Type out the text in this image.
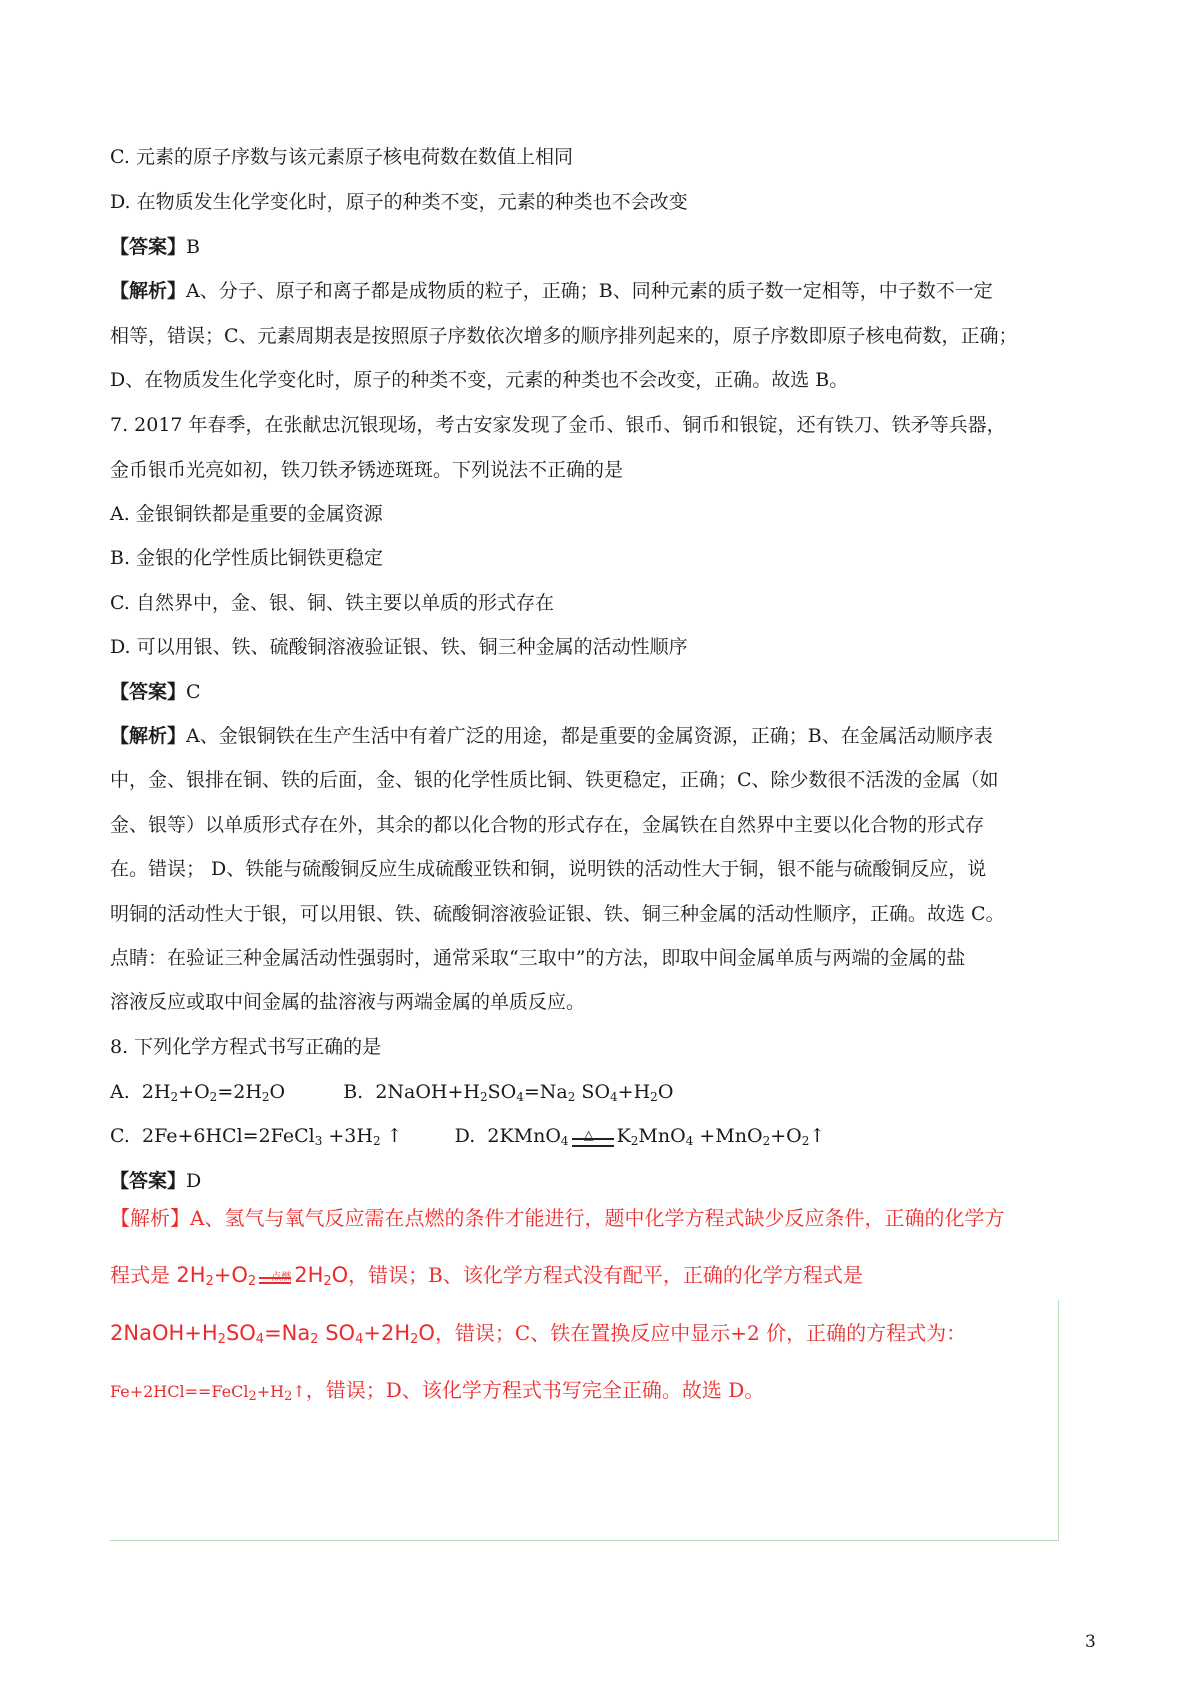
C. 元素的原子序数与该元素原子核电荷数在数值上相同
D. 在物质发生化学变化时，原子的种类不变，元素的种类也不会改变
【答案】B
【解析】A、分子、原子和离子都是成物质的粒子，正确；B、同种元素的质子数一定相等，中子数不一定
相等，错误；C、元素周期表是按照原子序数依次增多的顺序排列起来的，原子序数即原子核电荷数，正确；
D、在物质发生化学变化时，原子的种类不变，元素的种类也不会改变，正确。故选 B。
7. 2017 年春季，在张献忠沉银现场，考古安家发现了金币、银币、铜币和银锭，还有铁刀、铁矛等兵器，
金币银币光亮如初，铁刀铁矛锈迹斑斑。下列说法不正确的是
A. 金银铜铁都是重要的金属资源
B. 金银的化学性质比铜铁更稳定
C. 自然界中，金、银、铜、铁主要以单质的形式存在
D. 可以用银、铁、硫酸铜溶液验证银、铁、铜三种金属的活动性顺序
【答案】C
【解析】A、金银铜铁在生产生活中有着广泛的用途，都是重要的金属资源，正确；B、在金属活动顺序表
中，金、银排在铜、铁的后面，金、银的化学性质比铜、铁更稳定，正确；C、除少数很不活泼的金属（如
金、银等）以单质形式存在外，其余的都以化合物的形式存在，金属铁在自然界中主要以化合物的形式存
在。错误； D、铁能与硫酸铜反应生成硫酸亚铁和铜，说明铁的活动性大于铜，银不能与硫酸铜反应，说
明铜的活动性大于银，可以用银、铁、硫酸铜溶液验证银、铁、铜三种金属的活动性顺序，正确。故选 C。
点睛：在验证三种金属活动性强弱时，通常采取“三取中”的方法，即取中间金属单质与两端的金属的盐
溶液反应或取中间金属的盐溶液与两端金属的单质反应。
8. 下列化学方程式书写正确的是
A. $2H_2+O_2=2H_2O$	B. $2NaOH+H_2SO_4=Na_2$ $SO_4+H_2O$
C. 2Fe+6HCl=2FeCl$_3$ $+3H_2$ ↑	D. 2KMnO$_4$ △ $K_2MnO_4$ $+MnO_2+O_2↑$
【答案】D
【解析】A、氢气与氧气反应需在点燃的条件才能进行，题中化学方程式缺少反应条件，正确的化学方
程式是 $2H_2+O_2$ 点燃 $2H_2O$，错误；B、该化学方程式没有配平，正确的化学方程式是
$2NaOH+H_2SO_4=Na_2$ $SO_4+2H_2O$，错误；C、铁在置换反应中显示+2 价，正确的方程式为：
$Fe+2HCl==FeCl_2+H_2↑$，错误；D、该化学方程式书写完全正确。故选 D。
3
